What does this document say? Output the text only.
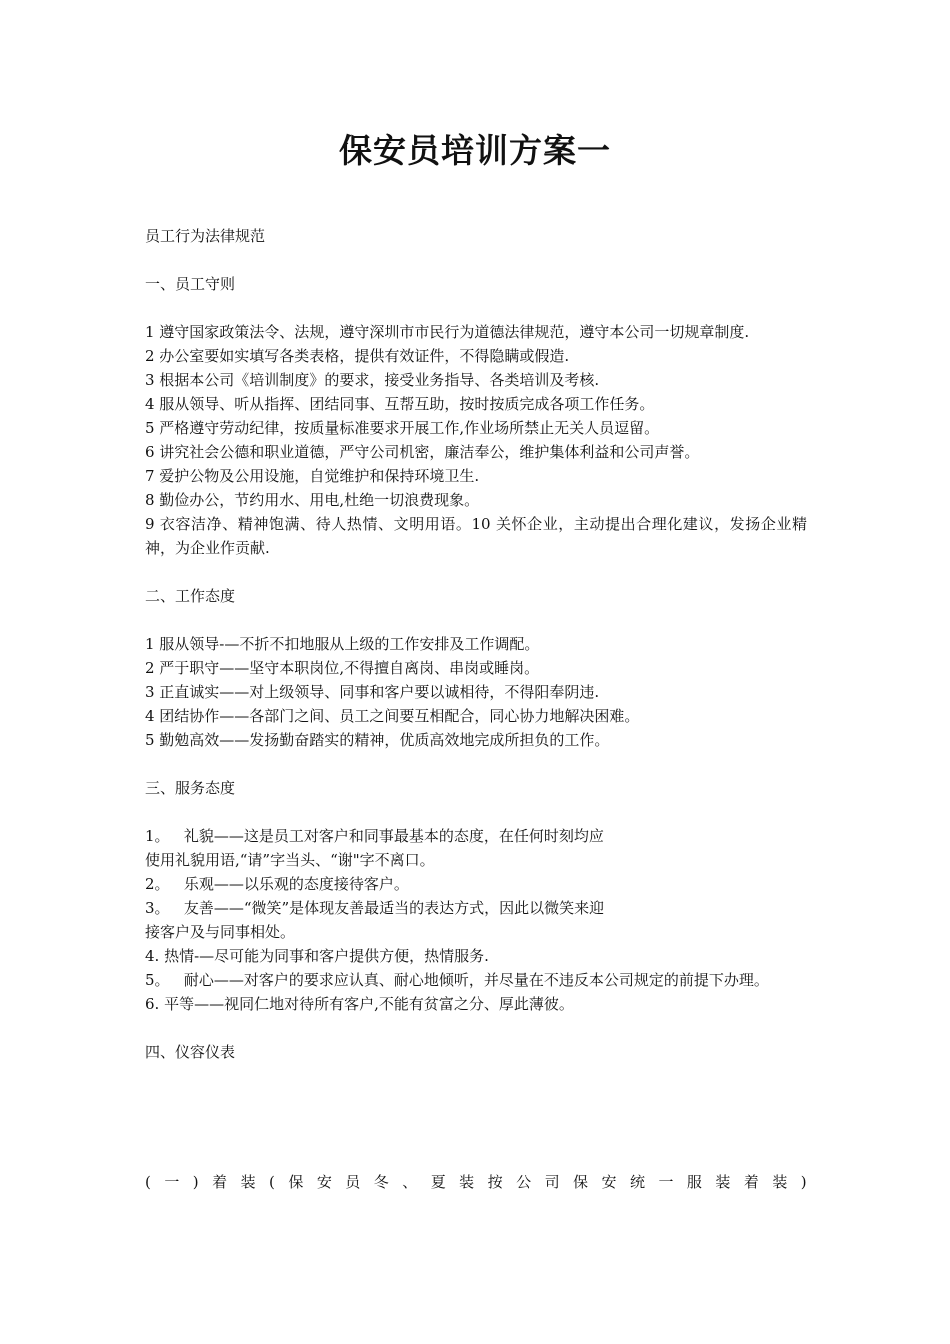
保安员培训方案一

员工行为法律规范

一、员工守则

1 遵守国家政策法令、法规，遵守深圳市市民行为道德法律规范，遵守本公司一切规章制度.

2 办公室要如实填写各类表格，提供有效证件，不得隐瞒或假造.

3 根据本公司《培训制度》的要求，接受业务指导、各类培训及考核.

4 服从领导、听从指挥、团结同事、互帮互助，按时按质完成各项工作任务。

5 严格遵守劳动纪律，按质量标准要求开展工作,作业场所禁止无关人员逗留。

6 讲究社会公德和职业道德，严守公司机密，廉洁奉公，维护集体利益和公司声誉。

7 爱护公物及公用设施，自觉维护和保持环境卫生.

8 勤俭办公，节约用水、用电,杜绝一切浪费现象。

9 衣容洁净、精神饱满、待人热情、文明用语。10 关怀企业，主动提出合理化建议，发扬企业精神，为企业作贡献.

二、工作态度

1 服从领导-—不折不扣地服从上级的工作安排及工作调配。

2 严于职守——坚守本职岗位,不得擅自离岗、串岗或睡岗。

3 正直诚实——对上级领导、同事和客户要以诚相待，不得阳奉阴违.

4 团结协作——各部门之间、员工之间要互相配合，同心协力地解决困难。

5 勤勉高效——发扬勤奋踏实的精神，优质高效地完成所担负的工作。

三、服务态度

1。   礼貌——这是员工对客户和同事最基本的态度，在任何时刻均应

使用礼貌用语,“请”字当头、“谢"字不离口。

2。   乐观——以乐观的态度接待客户。

3。   友善——“微笑”是体现友善最适当的表达方式，因此以微笑来迎

接客户及与同事相处。

4. 热情-—尽可能为同事和客户提供方便，热情服务.

5。   耐心——对客户的要求应认真、耐心地倾听，并尽量在不违反本公司规定的前提下办理。

6. 平等——视同仁地对待所有客户,不能有贫富之分、厚此薄彼。

四、仪容仪表

( 一 ) 着 装 ( 保 安 员 冬 、 夏 装 按 公 司 保 安 统 一 服 装 着 装 )
